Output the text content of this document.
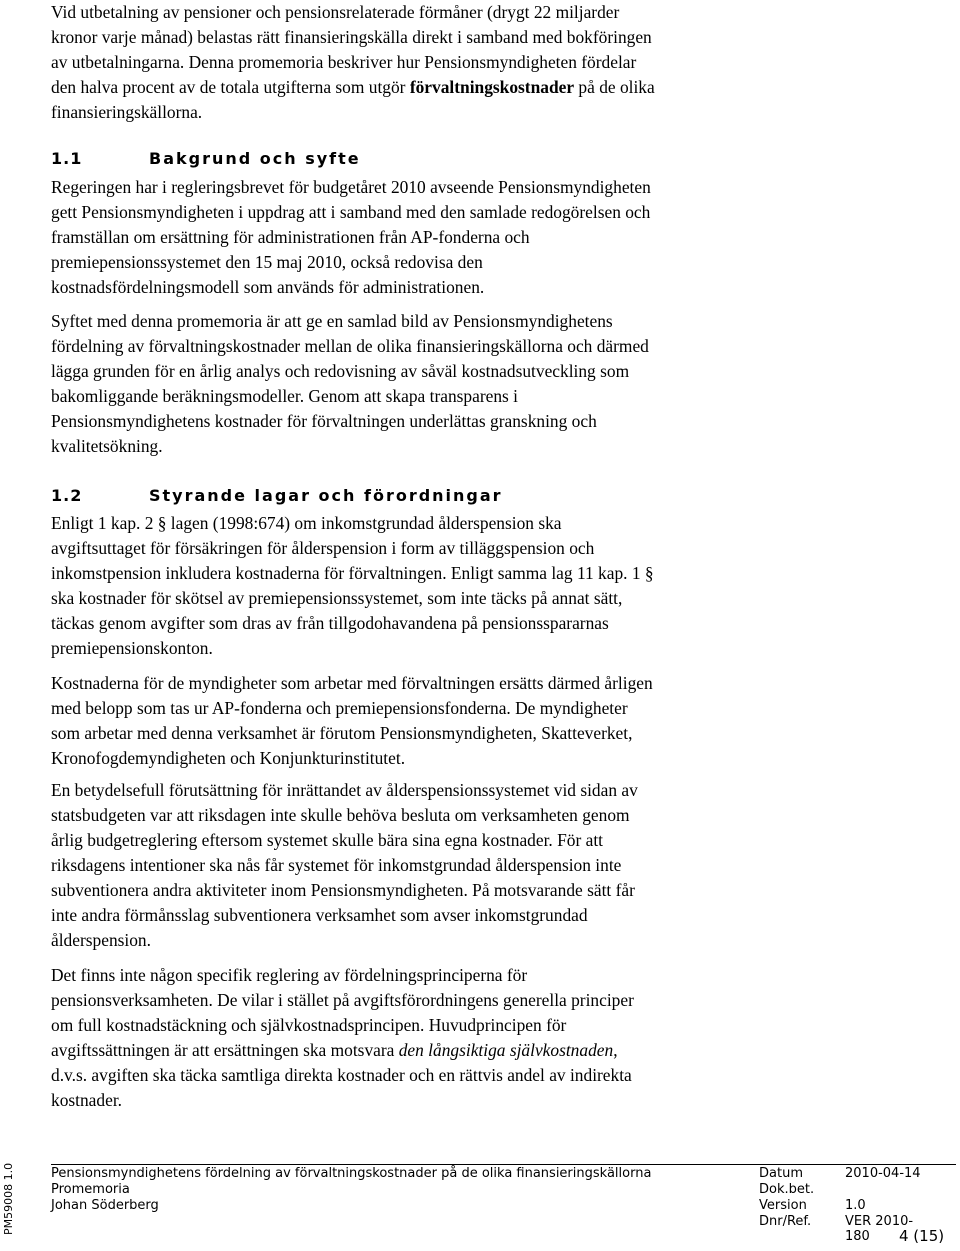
Vid utbetalning av pensioner och pensionsrelaterade förmåner (drygt 22 miljarder
kronor varje månad) belastas rätt finansieringskälla direkt i samband med bokföringen
av utbetalningarna. Denna promemoria beskriver hur Pensionsmyndigheten fördelar
den halva procent av de totala utgifterna som utgör förvaltningskostnader på de olika
finansieringskällorna.

1.1	Bakgrund och syfte

Regeringen har i regleringsbrevet för budgetåret 2010 avseende Pensionsmyndigheten
gett Pensionsmyndigheten i uppdrag att i samband med den samlade redogörelsen och
framställan om ersättning för administrationen från AP-fonderna och
premiepensionssystemet den 15 maj 2010, också redovisa den
kostnadsfördelningsmodell som används för administrationen.

Syftet med denna promemoria är att ge en samlad bild av Pensionsmyndighetens
fördelning av förvaltningskostnader mellan de olika finansieringskällorna och därmed
lägga grunden för en årlig analys och redovisning av såväl kostnadsutveckling som
bakomliggande beräkningsmodeller. Genom att skapa transparens i
Pensionsmyndighetens kostnader för förvaltningen underlättas granskning och
kvalitetsökning.

1.2	Styrande lagar och förordningar

Enligt 1 kap. 2 § lagen (1998:674) om inkomstgrundad ålderspension ska
avgiftsuttaget för försäkringen för ålderspension i form av tilläggspension och
inkomstpension inkludera kostnaderna för förvaltningen. Enligt samma lag 11 kap. 1 §
ska kostnader för skötsel av premiepensionssystemet, som inte täcks på annat sätt,
täckas genom avgifter som dras av från tillgodohavandena på pensionsspararnas
premiepensionskonton.

Kostnaderna för de myndigheter som arbetar med förvaltningen ersätts därmed årligen
med belopp som tas ur AP-fonderna och premiepensionsfonderna. De myndigheter
som arbetar med denna verksamhet är förutom Pensionsmyndigheten, Skatteverket,
Kronofogdemyndigheten och Konjunkturinstitutet.

En betydelsefull förutsättning för inrättandet av ålderspensionssystemet vid sidan av
statsbudgeten var att riksdagen inte skulle behöva besluta om verksamheten genom
årlig budgetreglering eftersom systemet skulle bära sina egna kostnader. För att
riksdagens intentioner ska nås får systemet för inkomstgrundad ålderspension inte
subventionera andra aktiviteter inom Pensionsmyndigheten. På motsvarande sätt får
inte andra förmånsslag subventionera verksamhet som avser inkomstgrundad
ålderspension.

Det finns inte någon specifik reglering av fördelningsprinciperna för
pensionsverksamheten. De vilar i stället på avgiftsförordningens generella principer
om full kostnadstäckning och självkostnadsprincipen. Huvudprincipen för
avgiftssättningen är att ersättningen ska motsvara den långsiktiga självkostnaden,
d.v.s. avgiften ska täcka samtliga direkta kostnader och en rättvis andel av indirekta
kostnader.

Pensionsmyndighetens fördelning av förvaltningskostnader på de olika finansieringskällorna
Promemoria
Johan Söderberg
Datum	2010-04-14
Dok.bet.
Version	1.0
Dnr/Ref.	VER 2010-180	4 (15)
PM59008 1.0
